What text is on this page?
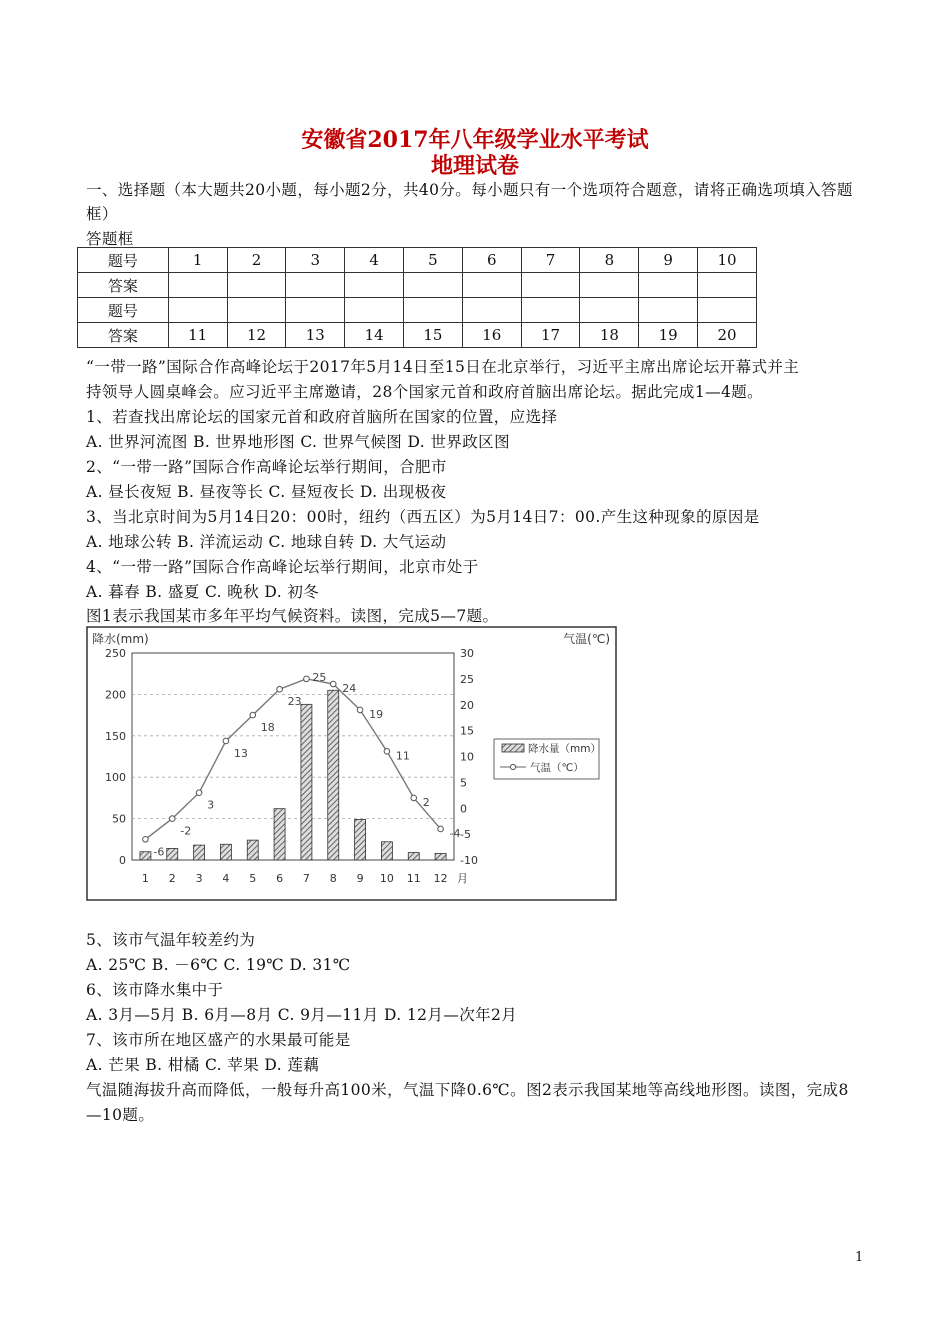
安徽省2017年八年级学业水平考试
地理试卷
一、选择题（本大题共20小题，每小题2分，共40分。每小题只有一个选项符合题意，请将正确选项填入答题
框）
答题框
题号	1	2	3	4	5	6	7	8	9	10
答案										
题号										
答案	11	12	13	14	15	16	17	18	19	20
“一带一路”国际合作高峰论坛于2017年5月14日至15日在北京举行，习近平主席出席论坛开幕式并主
持领导人圆桌峰会。应习近平主席邀请，28个国家元首和政府首脑出席论坛。据此完成1—4题。
1、若查找出席论坛的国家元首和政府首脑所在国家的位置，应选择
A. 世界河流图 B. 世界地形图 C. 世界气候图 D. 世界政区图
2、“一带一路”国际合作高峰论坛举行期间，合肥市
A. 昼长夜短 B. 昼夜等长 C. 昼短夜长 D. 出现极夜
3、当北京时间为5月14日20：00时，纽约（西五区）为5月14日7：00.产生这种现象的原因是
A. 地球公转 B. 洋流运动 C. 地球自转 D. 大气运动
4、“一带一路”国际合作高峰论坛举行期间，北京市处于
A. 暮春 B. 盛夏 C. 晚秋 D. 初冬
图1表示我国某市多年平均气候资料。读图，完成5—7题。
降水(mm)	气温(℃)
250
200
150
100
50
0
30
25
20
15
10
5
0
-5
-10
-6
-2
3
13
18
23
25
24
19
11
2
-4
1 2 3 4 5 6 7 8 9 10 11 12 月
降水量（mm）
气温（℃）
5、该市气温年较差约为
A. 25℃ B. －6℃ C. 19℃ D. 31℃
6、该市降水集中于
A. 3月—5月 B. 6月—8月 C. 9月—11月 D. 12月—次年2月
7、该市所在地区盛产的水果最可能是
A. 芒果 B. 柑橘 C. 苹果 D. 莲藕
气温随海拔升高而降低，一般每升高100米，气温下降0.6℃。图2表示我国某地等高线地形图。读图，完成8
—10题。
1
